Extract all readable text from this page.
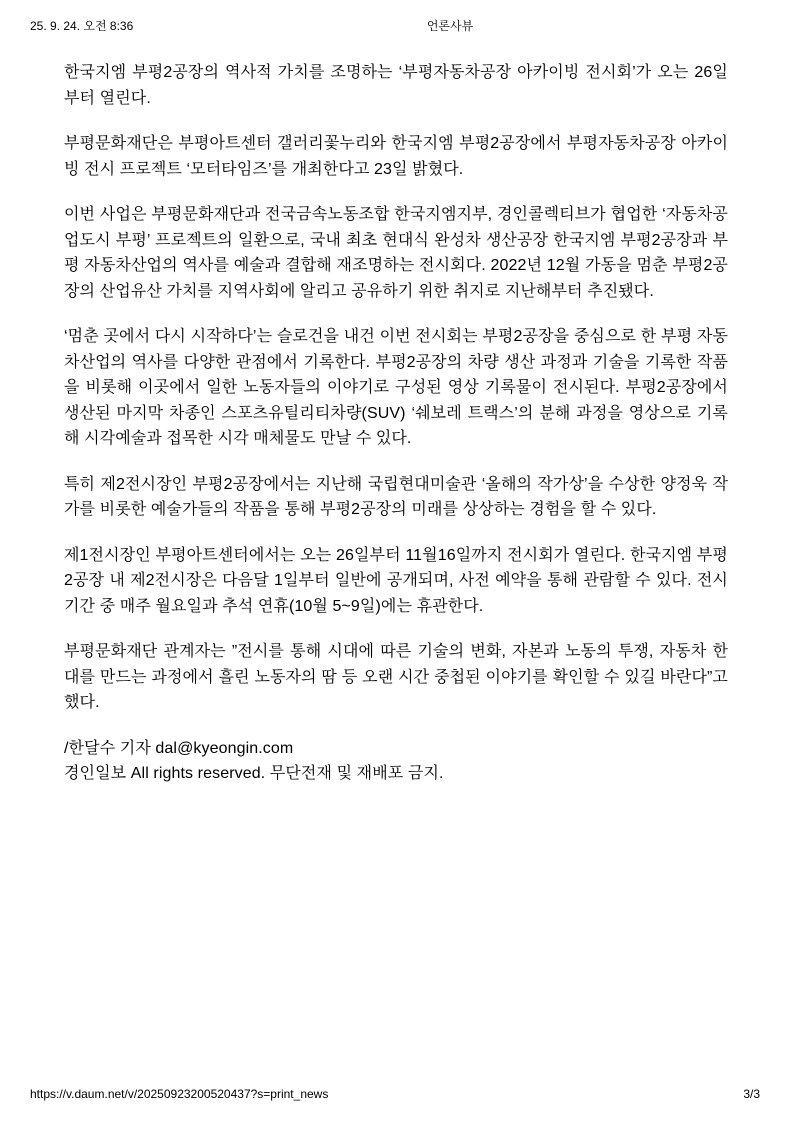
25. 9. 24. 오전 8:36	언론사뷰

한국지엠 부평2공장의 역사적 가치를 조명하는 ‘부평자동차공장 아카이빙 전시회’가 오는 26일부터 열린다.

부평문화재단은 부평아트센터 갤러리꽃누리와 한국지엠 부평2공장에서 부평자동차공장 아카이빙 전시 프로젝트 ‘모터타임즈’를 개최한다고 23일 밝혔다.

이번 사업은 부평문화재단과 전국금속노동조합 한국지엠지부, 경인콜렉티브가 협업한 ‘자동차공업도시 부평’ 프로젝트의 일환으로, 국내 최초 현대식 완성차 생산공장 한국지엠 부평2공장과 부평 자동차산업의 역사를 예술과 결합해 재조명하는 전시회다. 2022년 12월 가동을 멈춘 부평2공장의 산업유산 가치를 지역사회에 알리고 공유하기 위한 취지로 지난해부터 추진됐다.

‘멈춘 곳에서 다시 시작하다’는 슬로건을 내건 이번 전시회는 부평2공장을 중심으로 한 부평 자동차산업의 역사를 다양한 관점에서 기록한다. 부평2공장의 차량 생산 과정과 기술을 기록한 작품을 비롯해 이곳에서 일한 노동자들의 이야기로 구성된 영상 기록물이 전시된다. 부평2공장에서 생산된 마지막 차종인 스포츠유틸리티차량(SUV) ‘쉐보레 트랙스’의 분해 과정을 영상으로 기록해 시각예술과 접목한 시각 매체물도 만날 수 있다.

특히 제2전시장인 부평2공장에서는 지난해 국립현대미술관 ‘올해의 작가상’을 수상한 양정욱 작가를 비롯한 예술가들의 작품을 통해 부평2공장의 미래를 상상하는 경험을 할 수 있다.

제1전시장인 부평아트센터에서는 오는 26일부터 11월16일까지 전시회가 열린다. 한국지엠 부평2공장 내 제2전시장은 다음달 1일부터 일반에 공개되며, 사전 예약을 통해 관람할 수 있다. 전시 기간 중 매주 월요일과 추석 연휴(10월 5~9일)에는 휴관한다.

부평문화재단 관계자는 ”전시를 통해 시대에 따른 기술의 변화, 자본과 노동의 투쟁, 자동차 한 대를 만드는 과정에서 흘린 노동자의 땀 등 오랜 시간 중첩된 이야기를 확인할 수 있길 바란다”고 했다.

/한달수 기자 dal@kyeongin.com

경인일보 All rights reserved. 무단전재 및 재배포 금지.

https://v.daum.net/v/20250923200520437?s=print_news	3/3
